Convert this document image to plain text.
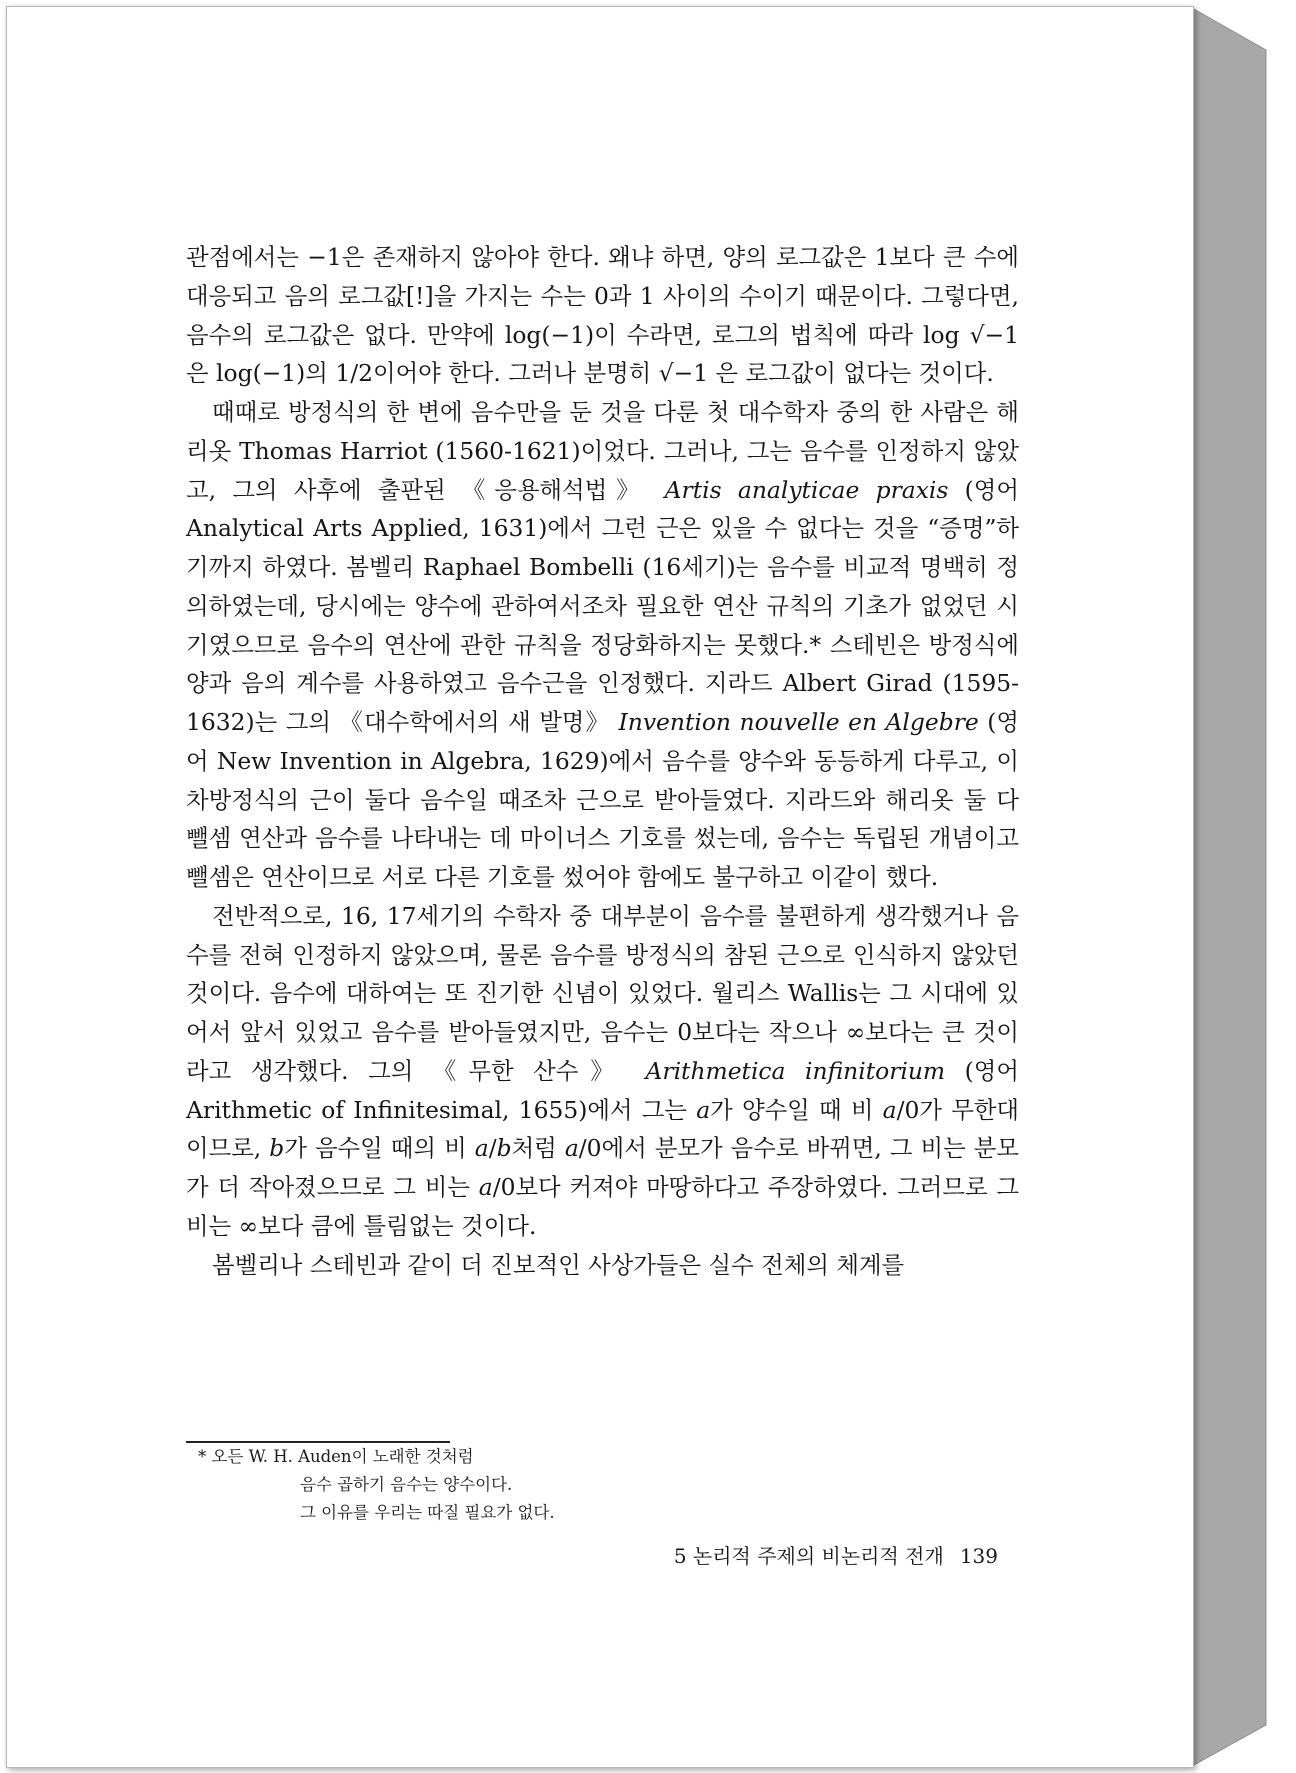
관점에서는 −1은 존재하지 않아야 한다. 왜냐 하면, 양의 로그값은 1보다 큰 수에 대응되고 음의 로그값[!]을 가지는 수는 0과 1 사이의 수이기 때문이다. 그렇다면, 음수의 로그값은 없다. 만약에 log(−1)이 수라면, 로그의 법칙에 따라 log √−1 은 log(−1)의 1/2이어야 한다. 그러나 분명히 √−1 은 로그값이 없다는 것이다.

때때로 방정식의 한 변에 음수만을 둔 것을 다룬 첫 대수학자 중의 한 사람은 해리옷 Thomas Harriot (1560-1621)이었다. 그러나, 그는 음수를 인정하지 않았고, 그의 사후에 출판된 《응용해석법》 Artis analyticae praxis (영어 Analytical Arts Applied, 1631)에서 그런 근은 있을 수 없다는 것을 “증명”하기까지 하였다. 봄벨리 Raphael Bombelli (16세기)는 음수를 비교적 명백히 정의하였는데, 당시에는 양수에 관하여서조차 필요한 연산 규칙의 기초가 없었던 시기였으므로 음수의 연산에 관한 규칙을 정당화하지는 못했다.* 스테빈은 방정식에 양과 음의 계수를 사용하였고 음수근을 인정했다. 지라드 Albert Girad (1595-1632)는 그의 《대수학에서의 새 발명》 Invention nouvelle en Algebre (영어 New Invention in Algebra, 1629)에서 음수를 양수와 동등하게 다루고, 이차방정식의 근이 둘다 음수일 때조차 근으로 받아들였다. 지라드와 해리옷 둘 다 뺄셈 연산과 음수를 나타내는 데 마이너스 기호를 썼는데, 음수는 독립된 개념이고 뺄셈은 연산이므로 서로 다른 기호를 썼어야 함에도 불구하고 이같이 했다.

전반적으로, 16, 17세기의 수학자 중 대부분이 음수를 불편하게 생각했거나 음수를 전혀 인정하지 않았으며, 물론 음수를 방정식의 참된 근으로 인식하지 않았던 것이다. 음수에 대하여는 또 진기한 신념이 있었다. 월리스 Wallis는 그 시대에 있어서 앞서 있었고 음수를 받아들였지만, 음수는 0보다는 작으나 ∞보다는 큰 것이라고 생각했다. 그의 《무한 산수》 Arithmetica infinitorium (영어 Arithmetic of Infinitesimal, 1655)에서 그는 a가 양수일 때 비 a/0가 무한대이므로, b가 음수일 때의 비 a/b처럼 a/0에서 분모가 음수로 바뀌면, 그 비는 분모가 더 작아졌으므로 그 비는 a/0보다 커져야 마땅하다고 주장하였다. 그러므로 그 비는 ∞보다 큼에 틀림없는 것이다.

봄벨리나 스테빈과 같이 더 진보적인 사상가들은 실수 전체의 체계를

* 오든 W. H. Auden이 노래한 것처럼

음수 곱하기 음수는 양수이다.

그 이유를 우리는 따질 필요가 없다.

5 논리적 주제의 비논리적 전개 139
